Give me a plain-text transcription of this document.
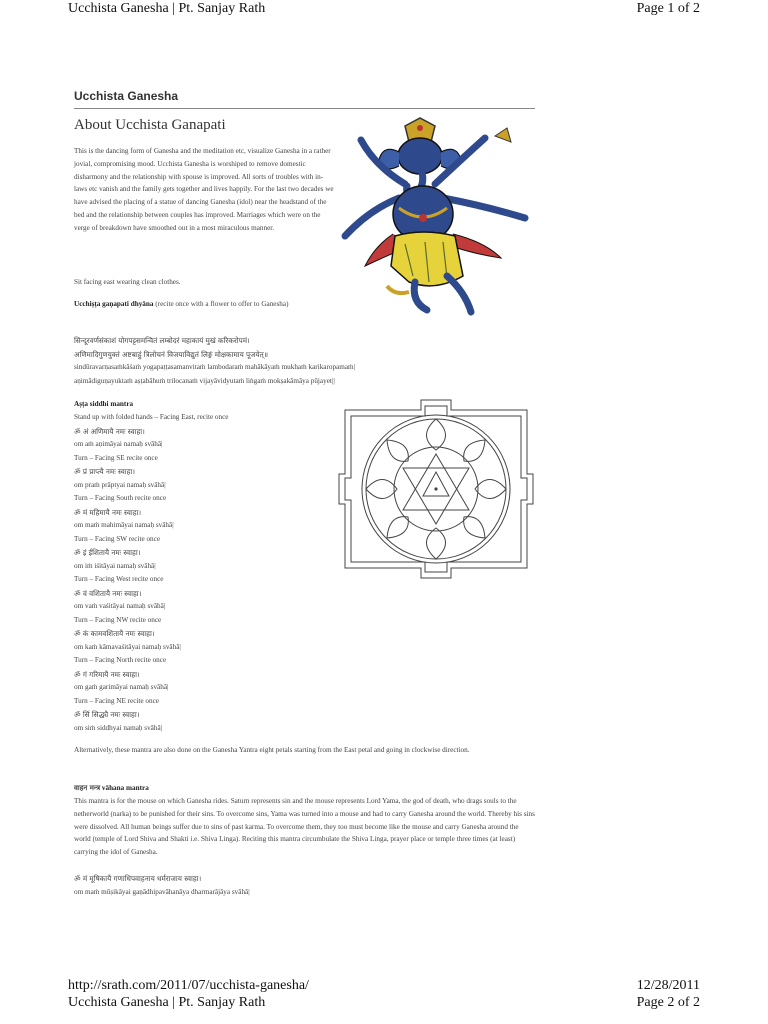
Ucchista Ganesha | Pt. Sanjay Rath	Page 1 of 2
Ucchista Ganesha
About Ucchista Ganapati
This is the dancing form of Ganesha and the meditation etc, visualize Ganesha in a rather jovial, compromising mood. Ucchista Ganesha is worshiped to remove domestic disharmony and the relationship with spouse is improved. All sorts of troubles with in-laws etc vanish and the family gets together and lives happily. For the last two decades we have advised the placing of a statue of dancing Ganesha (idol) near the headstand of the bed and the relationship between couples has improved. Marriages which were on the verge of breakdown have smoothed out in a most miraculous manner.
Sit facing east wearing clean clothes.
Ucchiṣṭa gaṇapati dhyāna (recite once with a flower to offer to Ganesha)
सिन्दूरवर्णसंकाशं योगपट्टसमन्वितं लम्बोदरं महाकायं मुखं करिकरोपमं।
अणिमादिगुणयुक्तं अष्टबाहुं त्रिलोचनं विजयाविद्युतं लिङ्गं मोक्षकामाय पूजयेत्॥
sindūravarṇasaṁkāśaṁ yogapaṭṭasamanvitaṁ lambodaraṁ mahākāyaṁ mukhaṁ karikaropamaṁ|
aṇimādiguṇayuktaṁ aṣṭabāhuṁ trilocanaṁ vijayāvidyutaṁ liṅgaṁ mokṣakāmāya pūjayet||
Aṣṭa siddhi mantra
Stand up with folded hands – Facing East, recite once
ॐ अं अणिमायै नमः स्वाहा।
om aṁ aṇimāyai namaḥ svāhā|
Turn – Facing SE recite once
ॐ प्रं प्राप्त्यै नमः स्वाहा।
om praṁ prāptyai namaḥ svāhā|
Turn – Facing South recite once
ॐ मं महिमायै नमः स्वाहा।
om maṁ mahimāyai namaḥ svāhā|
Turn – Facing SW recite once
ॐ इं ईशितायै नमः स्वाहा।
om iṁ iśitāyai namaḥ svāhā|
Turn – Facing West recite once
ॐ वं वशितायै नमः स्वाहा।
om vaṁ vaśitāyai namaḥ svāhā|
Turn – Facing NW recite once
ॐ कं कामवशितायै नमः स्वाहा।
om kaṁ kāmavaśitāyai namaḥ svāhā|
Turn – Facing North recite once
ॐ गं गरिमायै नमः स्वाहा।
om gaṁ garimāyai namaḥ svāhā|
Turn – Facing NE recite once
ॐ सिं सिद्ध्यै नमः स्वाहा।
om siṁ siddhyai namaḥ svāhā|
Alternatively, these mantra are also done on the Ganesha Yantra eight petals starting from the East petal and going in clockwise direction.
वाहन मन्त्र vāhana mantra
This mantra is for the mouse on which Ganesha rides. Saturn represents sin and the mouse represents Lord Yama, the god of death, who drags souls to the netherworld (narka) to be punished for their sins. To overcome sins, Yama was turned into a mouse and had to carry Ganesha around the world. Thereby his sins were dissolved. All human beings suffer due to sins of past karma. To overcome them, they too must become like the mouse and carry Ganesha around the world (temple of Lord Shiva and Shakti i.e. Shiva Linga). Reciting this mantra circumbulate the Shiva Linga, prayer place or temple three times (at least) carrying the idol of Ganesha.
ॐ मं मूषिकायै गणाधिपवाहनाय धर्मराजाय स्वाहा।
om maṁ mūṣikāyai gaṇādhipavāhanāya dharmarājāya svāhā|
http://srath.com/2011/07/ucchista-ganesha/	12/28/2011
Ucchista Ganesha | Pt. Sanjay Rath	Page 2 of 2
